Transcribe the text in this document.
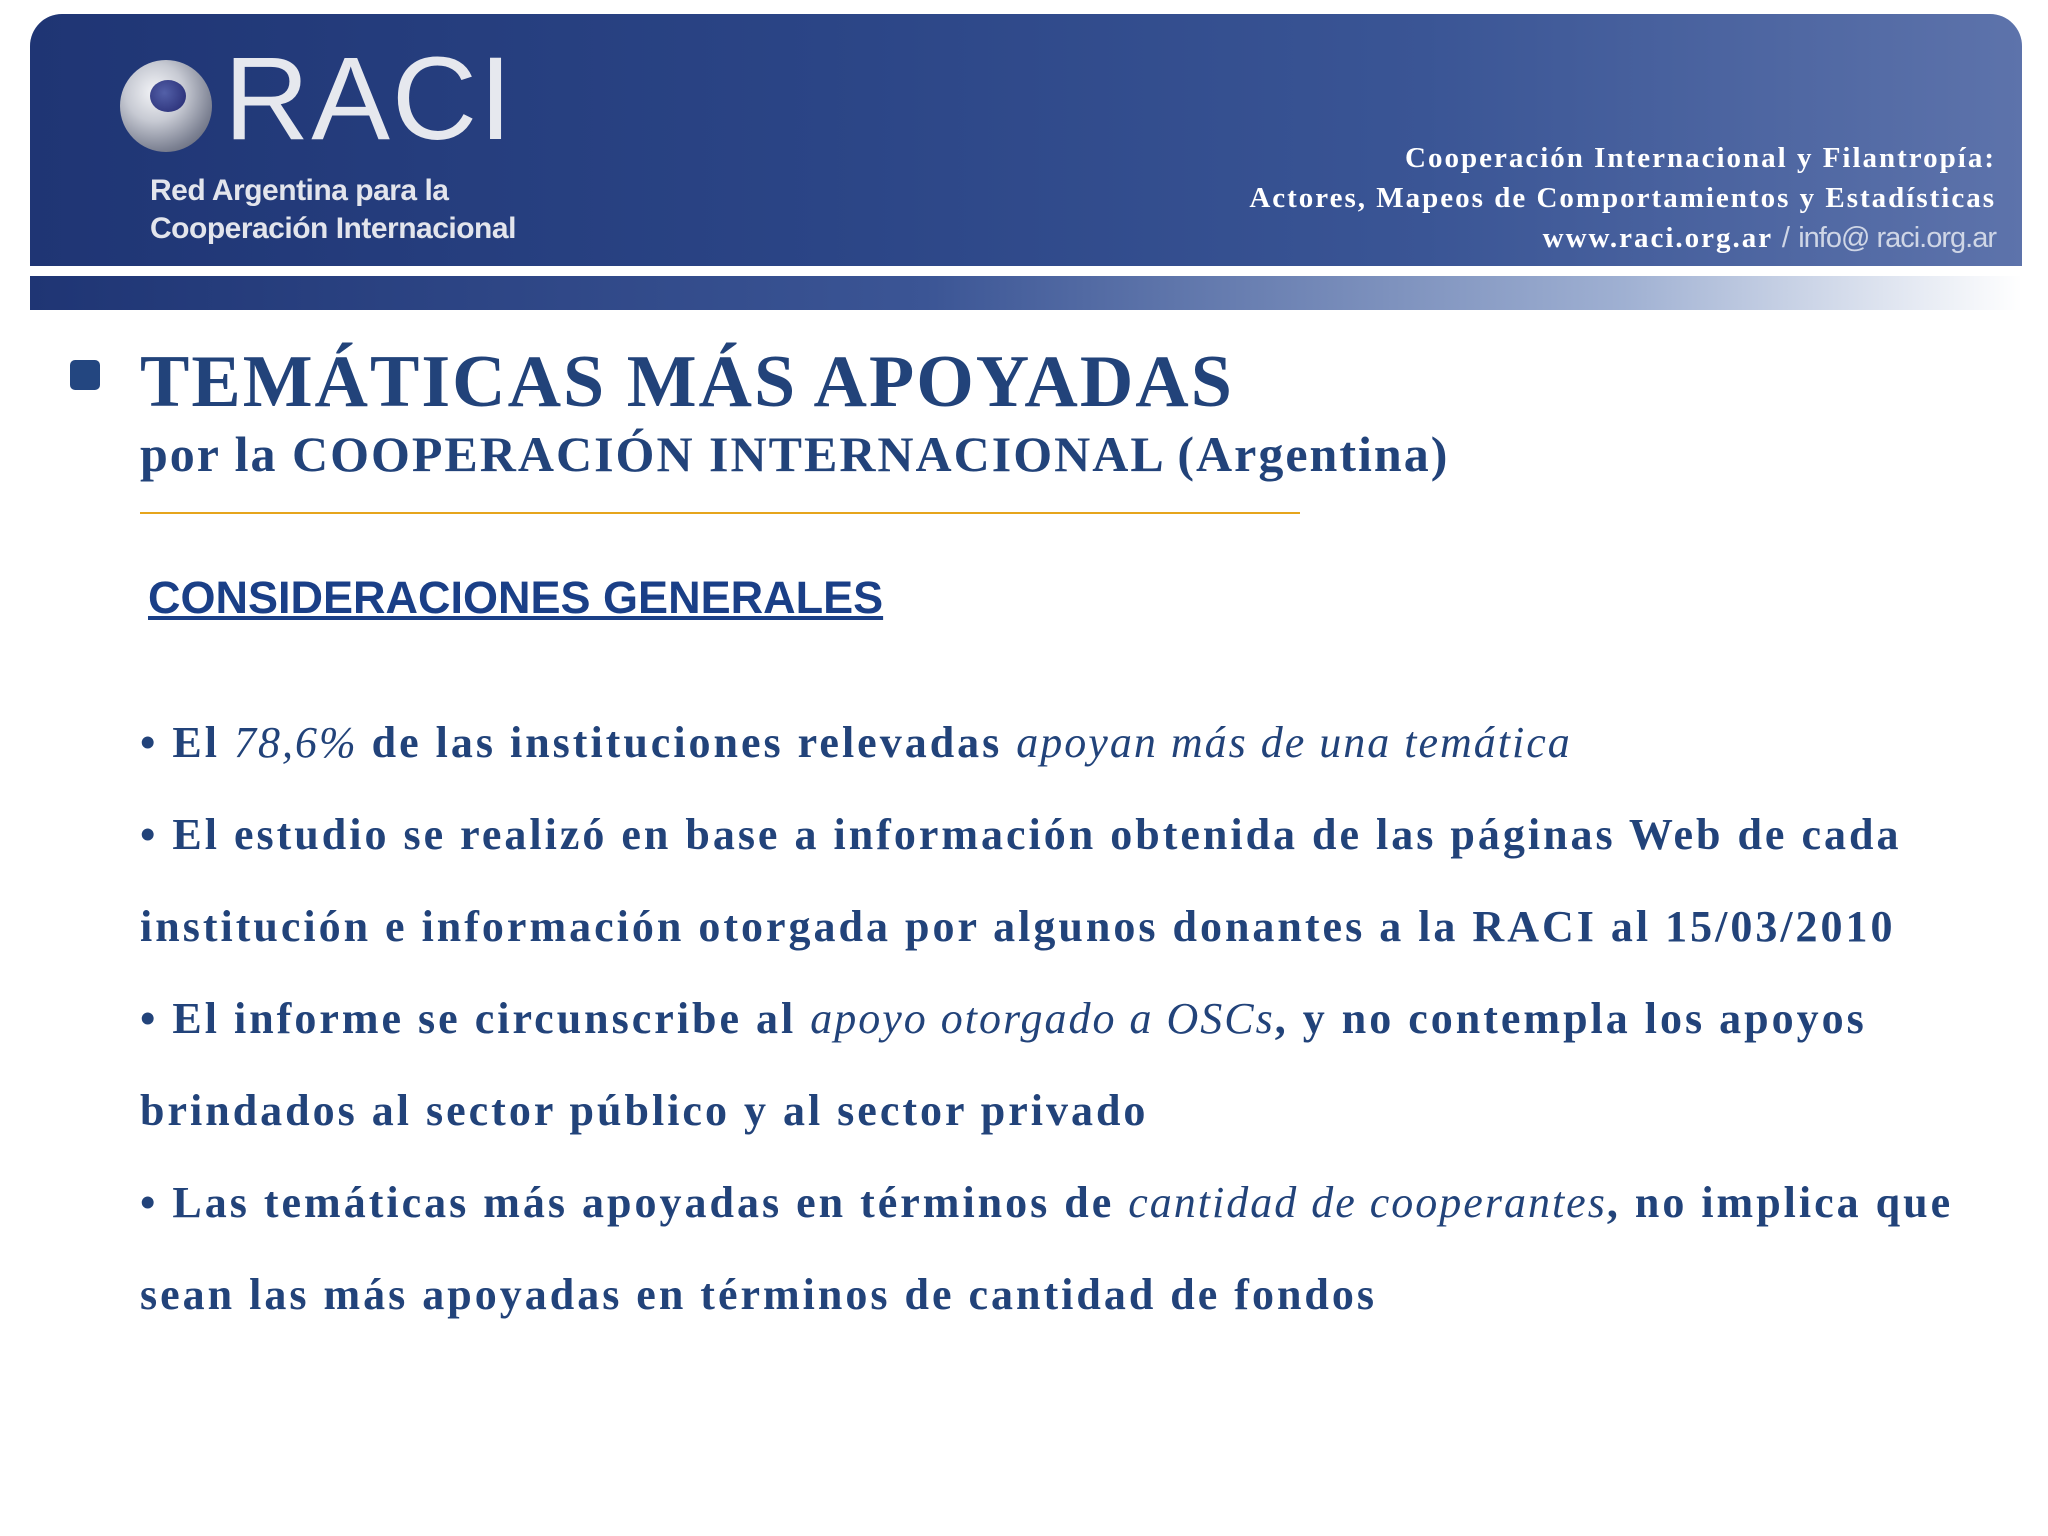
RACI
Red Argentina para la
Cooperación Internacional
Cooperación Internacional y Filantropía:
Actores, Mapeos de Comportamientos y Estadísticas
www.raci.org.ar / info@ raci.org.ar
TEMÁTICAS MÁS APOYADAS
por la COOPERACIÓN INTERNACIONAL (Argentina)
CONSIDERACIONES GENERALES

• El 78,6% de las instituciones relevadas apoyan más de una temática

• El estudio se realizó en base a información obtenida de las páginas Web de cada institución e información otorgada por algunos donantes a la RACI al 15/03/2010

• El informe se circunscribe al apoyo otorgado a OSCs, y no contempla los apoyos brindados al sector público y al sector privado

• Las temáticas más apoyadas en términos de cantidad de cooperantes, no implica que sean las más apoyadas en términos de cantidad de fondos
